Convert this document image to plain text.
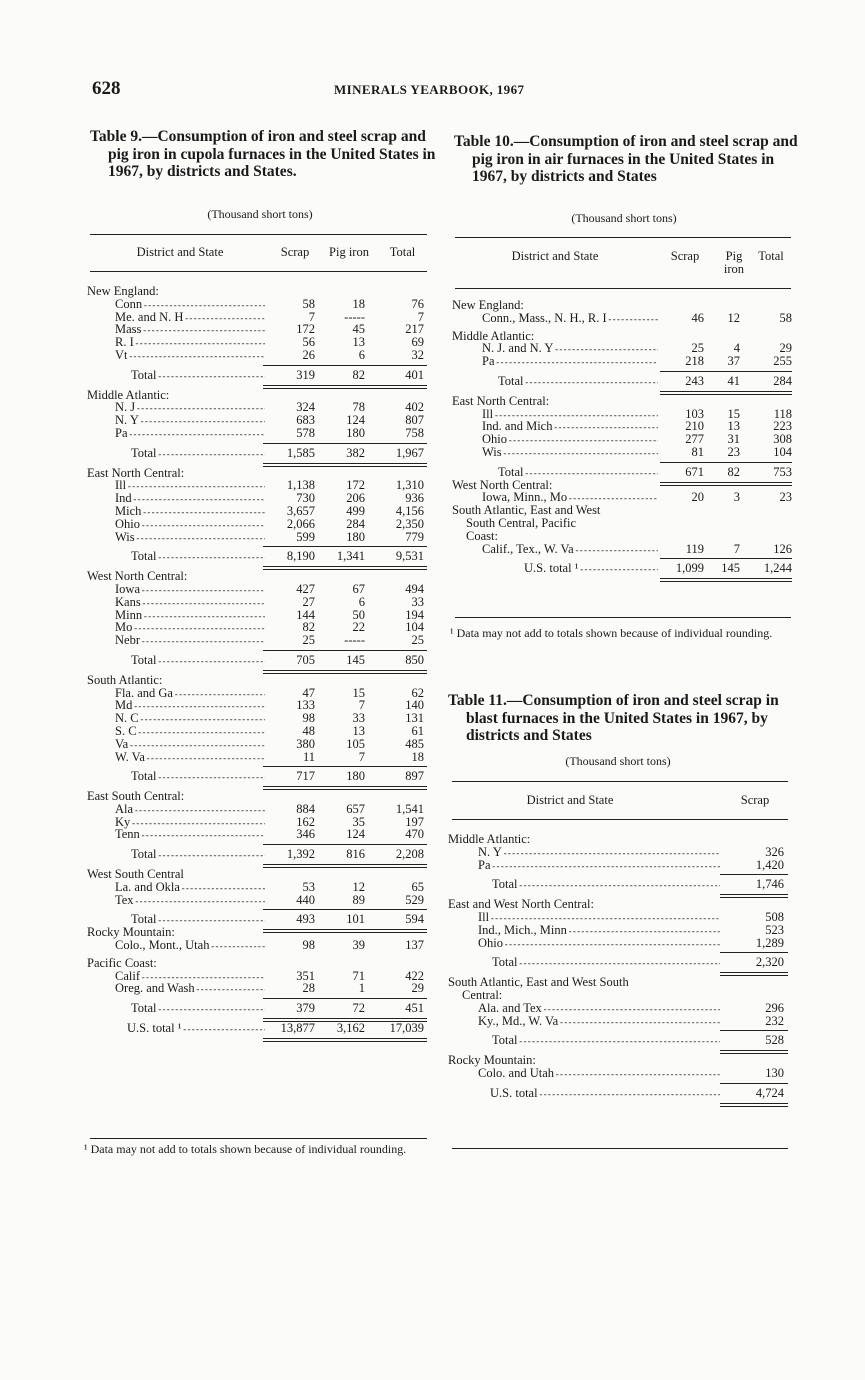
628	MINERALS YEARBOOK, 1967
Table 9.—Consumption of iron and steel scrap and pig iron in cupola furnaces in the United States in 1967, by districts and States.
(Thousand short tons)
District and State	Scrap	Pig iron	Total
New England:
Conn - - -	58	18	76
Me. and N. H - - -	7 -----	7
Mass - - -	172	45	217
R. I - - -	56	13	69
Vt - - -	26	6	32
Total - - -	319	82	401
Middle Atlantic:
N. J - - -	324	78	402
N. Y - - -	683	124	807
Pa - - -	578	180	758
Total - - -	1,585	382 1,967
East North Central:
Ill - - -	1,138	172 1,310
Ind - - -	730	206	936
Mich - - -	3,657	499 4,156
Ohio - - -	2,066	284 2,350
Wis - - -	599	180	779
Total - - -	8,190 1,341 9,531
West North Central:
Iowa - - -	427	67	494
Kans - - -	27	6	33
Minn - - -	144	50	194
Mo - - -	82	22	104
Nebr - - -	25 -----	25
Total - - -	705	145	850
South Atlantic:
Fla. and Ga - - -	47	15	62
Md - - -	133	7	140
N. C - - -	98	33	131
S. C - - -	48	13	61
Va - - -	380	105	485
W. Va - - -	11	7	18
Total - - -	717	180	897
East South Central:
Ala - - -	884	657 1,541
Ky - - -	162	35	197
Tenn - - -	346	124	470
Total - - -	1,392	816 2,208
West South Central
La. and Okla - - -	53	12	65
Tex - - -	440	89	529
Total - - -	493	101	594
Rocky Mountain:
Colo., Mont., Utah - - -	98	39	137
Pacific Coast:
Calif - - -	351	71	422
Oreg. and Wash - - -	28	1	29
Total - - -	379	72	451
U.S. total ¹ - - -	13,877 3,162 17,039
¹ Data may not add to totals shown because of individual rounding.
Table 10.—Consumption of iron and steel scrap and pig iron in air furnaces in the United States in 1967, by districts and States
(Thousand short tons)
District and State	Scrap	Pig iron
Total
New England:
Conn., Mass., N. H., R. I - - -	46 12	58
Middle Atlantic:
N. J. and N. Y - - -	25 4	29
Pa - - -	218 37	255
Total - - -	243 41	284
East North Central:
Ill - - -	103 15	118
Ind. and Mich - - -	210 13	223
Ohio - - -	277 31	308
Wis - - -	81 23	104
Total - - -	671 82	753
West North Central:
Iowa, Minn., Mo - - -	20 3	23
South Atlantic, East and West
South Central, Pacific
Coast:
Calif., Tex., W. Va - - -	119 7	126
U.S. total ¹ - - -	1,099 145 1,244
¹ Data may not add to totals shown because of individual rounding.
Table 11.—Consumption of iron and steel scrap in blast furnaces in the United States in 1967, by districts and States
(Thousand short tons)
District and State	Scrap
Middle Atlantic:
N. Y - - -	326
Pa - - -	1,420
Total - - -	1,746
East and West North Central:
Ill - - -	508
Ind., Mich., Minn - - -	523
Ohio - - -	1,289
Total - - -	2,320
South Atlantic, East and West South
Central:
Ala. and Tex - - -	296
Ky., Md., W. Va - - -	232
Total - - -	528
Rocky Mountain:
Colo. and Utah - - -	130
U.S. total - - -	4,724
